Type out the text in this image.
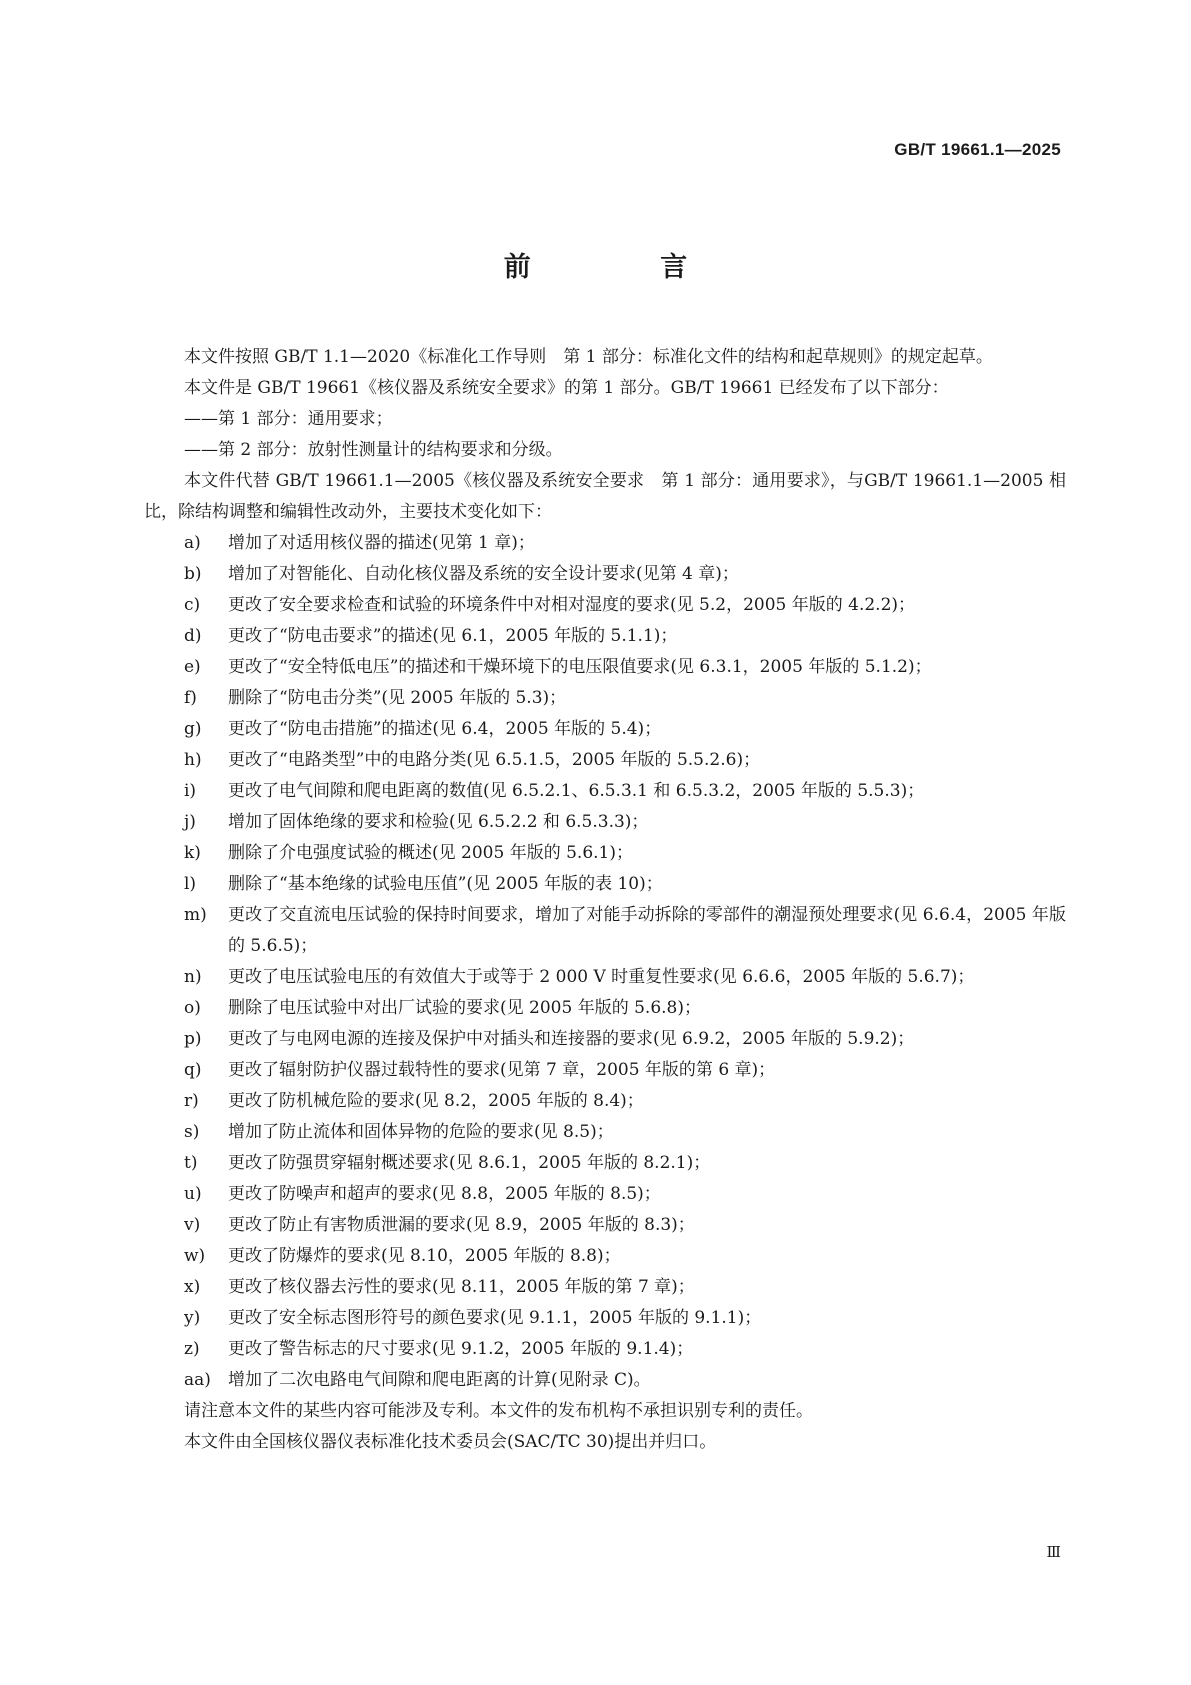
GB/T 19661.1—2025
前 言
本文件按照 GB/T 1.1—2020《标准化工作导则　第 1 部分：标准化文件的结构和起草规则》的规定起草。
本文件是 GB/T 19661《核仪器及系统安全要求》的第 1 部分。GB/T 19661 已经发布了以下部分：
——第 1 部分：通用要求；
——第 2 部分：放射性测量计的结构要求和分级。
本文件代替 GB/T 19661.1—2005《核仪器及系统安全要求　第 1 部分：通用要求》，与GB/T 19661.1—2005 相比，除结构调整和编辑性改动外，主要技术变化如下：
a)	增加了对适用核仪器的描述(见第 1 章)；
b)	增加了对智能化、自动化核仪器及系统的安全设计要求(见第 4 章)；
c)	更改了安全要求检查和试验的环境条件中对相对湿度的要求(见 5.2，2005 年版的 4.2.2)；
d)	更改了“防电击要求”的描述(见 6.1，2005 年版的 5.1.1)；
e)	更改了“安全特低电压”的描述和干燥环境下的电压限值要求(见 6.3.1，2005 年版的 5.1.2)；
f)	删除了“防电击分类”(见 2005 年版的 5.3)；
g)	更改了“防电击措施”的描述(见 6.4，2005 年版的 5.4)；
h)	更改了“电路类型”中的电路分类(见 6.5.1.5，2005 年版的 5.5.2.6)；
i)	更改了电气间隙和爬电距离的数值(见 6.5.2.1、6.5.3.1 和 6.5.3.2，2005 年版的 5.5.3)；
j)	增加了固体绝缘的要求和检验(见 6.5.2.2 和 6.5.3.3)；
k)	删除了介电强度试验的概述(见 2005 年版的 5.6.1)；
l)	删除了“基本绝缘的试验电压值”(见 2005 年版的表 10)；
m)	更改了交直流电压试验的保持时间要求，增加了对能手动拆除的零部件的潮湿预处理要求(见 6.6.4，2005 年版的 5.6.5)；
n)	更改了电压试验电压的有效值大于或等于 2 000 V 时重复性要求(见 6.6.6，2005 年版的 5.6.7)；
o)	删除了电压试验中对出厂试验的要求(见 2005 年版的 5.6.8)；
p)	更改了与电网电源的连接及保护中对插头和连接器的要求(见 6.9.2，2005 年版的 5.9.2)；
q)	更改了辐射防护仪器过载特性的要求(见第 7 章，2005 年版的第 6 章)；
r)	更改了防机械危险的要求(见 8.2，2005 年版的 8.4)；
s)	增加了防止流体和固体异物的危险的要求(见 8.5)；
t)	更改了防强贯穿辐射概述要求(见 8.6.1，2005 年版的 8.2.1)；
u)	更改了防噪声和超声的要求(见 8.8，2005 年版的 8.5)；
v)	更改了防止有害物质泄漏的要求(见 8.9，2005 年版的 8.3)；
w)	更改了防爆炸的要求(见 8.10，2005 年版的 8.8)；
x)	更改了核仪器去污性的要求(见 8.11，2005 年版的第 7 章)；
y)	更改了安全标志图形符号的颜色要求(见 9.1.1，2005 年版的 9.1.1)；
z)	更改了警告标志的尺寸要求(见 9.1.2，2005 年版的 9.1.4)；
aa)	增加了二次电路电气间隙和爬电距离的计算(见附录 C)。
请注意本文件的某些内容可能涉及专利。本文件的发布机构不承担识别专利的责任。
本文件由全国核仪器仪表标准化技术委员会(SAC/TC 30)提出并归口。
Ⅲ
